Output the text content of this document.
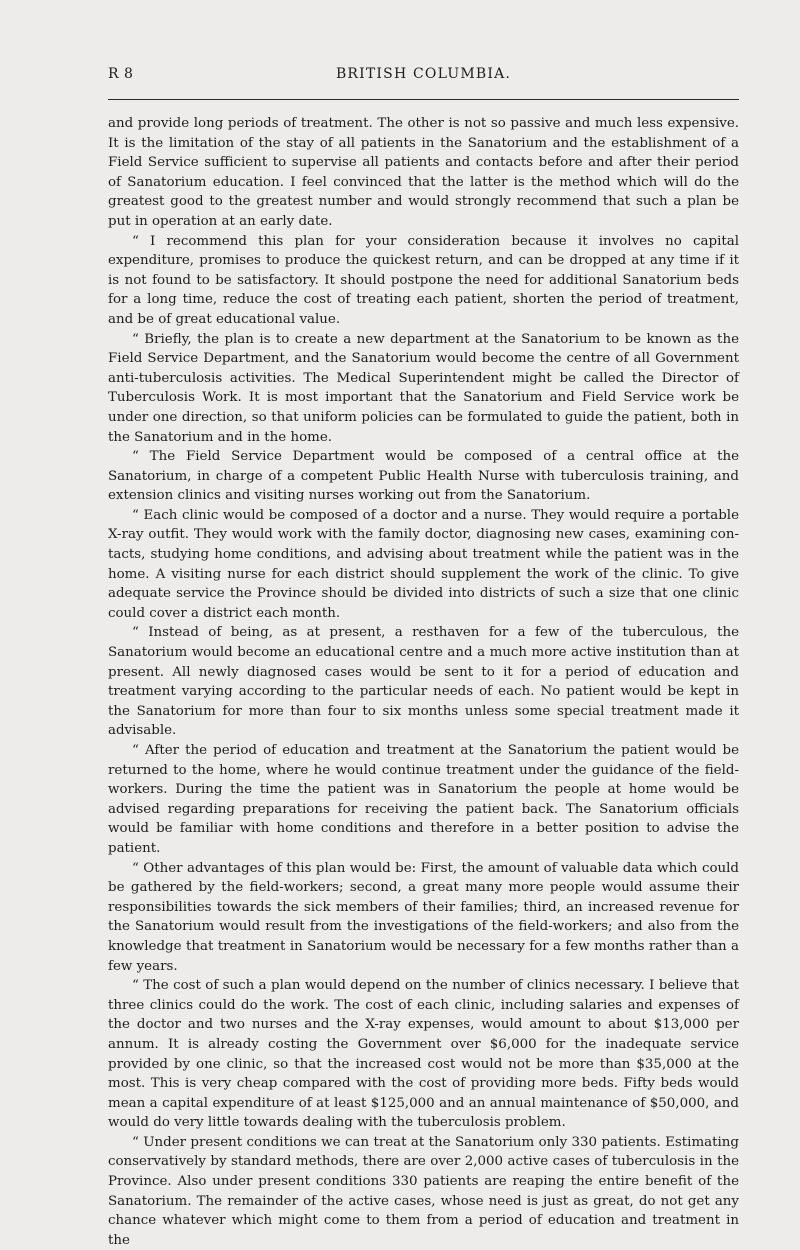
R 8	BRITISH COLUMBIA.

and provide long periods of treatment. The other is not so passive and much less expensive. It is the limitation of the stay of all patients in the Sanatorium and the establishment of a Field Service sufficient to supervise all patients and contacts before and after their period of Sanatorium education. I feel convinced that the latter is the method which will do the greatest good to the greatest number and would strongly recommend that such a plan be put in operation at an early date.

“ I recommend this plan for your consideration because it involves no capital expenditure, promises to produce the quickest return, and can be dropped at any time if it is not found to be satisfactory. It should postpone the need for additional Sanatorium beds for a long time, reduce the cost of treating each patient, shorten the period of treatment, and be of great educational value.

“ Briefly, the plan is to create a new department at the Sanatorium to be known as the Field Service Department, and the Sanatorium would become the centre of all Government anti-tuberculosis activities. The Medical Superintendent might be called the Director of Tuberculosis Work. It is most important that the Sanatorium and Field Service work be under one direction, so that uniform policies can be formulated to guide the patient, both in the Sanatorium and in the home.

“ The Field Service Department would be composed of a central office at the Sanatorium, in charge of a competent Public Health Nurse with tuberculosis training, and extension clinics and visiting nurses working out from the Sanatorium.

“ Each clinic would be composed of a doctor and a nurse. They would require a portable X-ray outfit. They would work with the family doctor, diagnosing new cases, examining contacts, studying home conditions, and advising about treatment while the patient was in the home. A visiting nurse for each district should supplement the work of the clinic. To give adequate service the Province should be divided into districts of such a size that one clinic could cover a district each month.

“ Instead of being, as at present, a resthaven for a few of the tuberculous, the Sanatorium would become an educational centre and a much more active institution than at present. All newly diagnosed cases would be sent to it for a period of education and treatment varying according to the particular needs of each. No patient would be kept in the Sanatorium for more than four to six months unless some special treatment made it advisable.

“ After the period of education and treatment at the Sanatorium the patient would be returned to the home, where he would continue treatment under the guidance of the field-workers. During the time the patient was in Sanatorium the people at home would be advised regarding preparations for receiving the patient back. The Sanatorium officials would be familiar with home conditions and therefore in a better position to advise the patient.

“ Other advantages of this plan would be: First, the amount of valuable data which could be gathered by the field-workers; second, a great many more people would assume their responsibilities towards the sick members of their families; third, an increased revenue for the Sanatorium would result from the investigations of the field-workers; and also from the knowledge that treatment in Sanatorium would be necessary for a few months rather than a few years.

“ The cost of such a plan would depend on the number of clinics necessary. I believe that three clinics could do the work. The cost of each clinic, including salaries and expenses of the doctor and two nurses and the X-ray expenses, would amount to about $13,000 per annum. It is already costing the Government over $6,000 for the inadequate service provided by one clinic, so that the increased cost would not be more than $35,000 at the most. This is very cheap compared with the cost of providing more beds. Fifty beds would mean a capital expenditure of at least $125,000 and an annual maintenance of $50,000, and would do very little towards dealing with the tuberculosis problem.

“ Under present conditions we can treat at the Sanatorium only 330 patients. Estimating conservatively by standard methods, there are over 2,000 active cases of tuberculosis in the Province. Also under present conditions 330 patients are reaping the entire benefit of the Sanatorium. The remainder of the active cases, whose need is just as great, do not get any chance whatever which might come to them from a period of education and treatment in the
